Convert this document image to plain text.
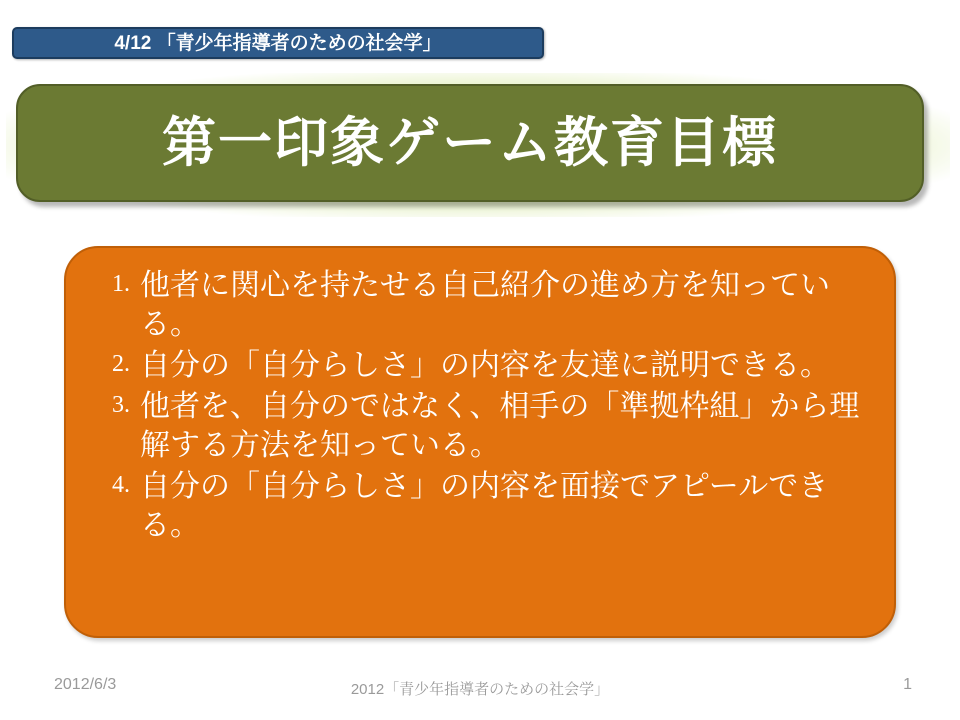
4/12 「青少年指導者のための社会学」
第一印象ゲーム教育目標
他者に関心を持たせる自己紹介の進め方を知っている。
自分の「自分らしさ」の内容を友達に説明できる。
他者を、自分のではなく、相手の「準拠枠組」から理解する方法を知っている。
自分の「自分らしさ」の内容を面接でアピールできる。
2012/6/3	2012「青少年指導者のための社会学」	1
